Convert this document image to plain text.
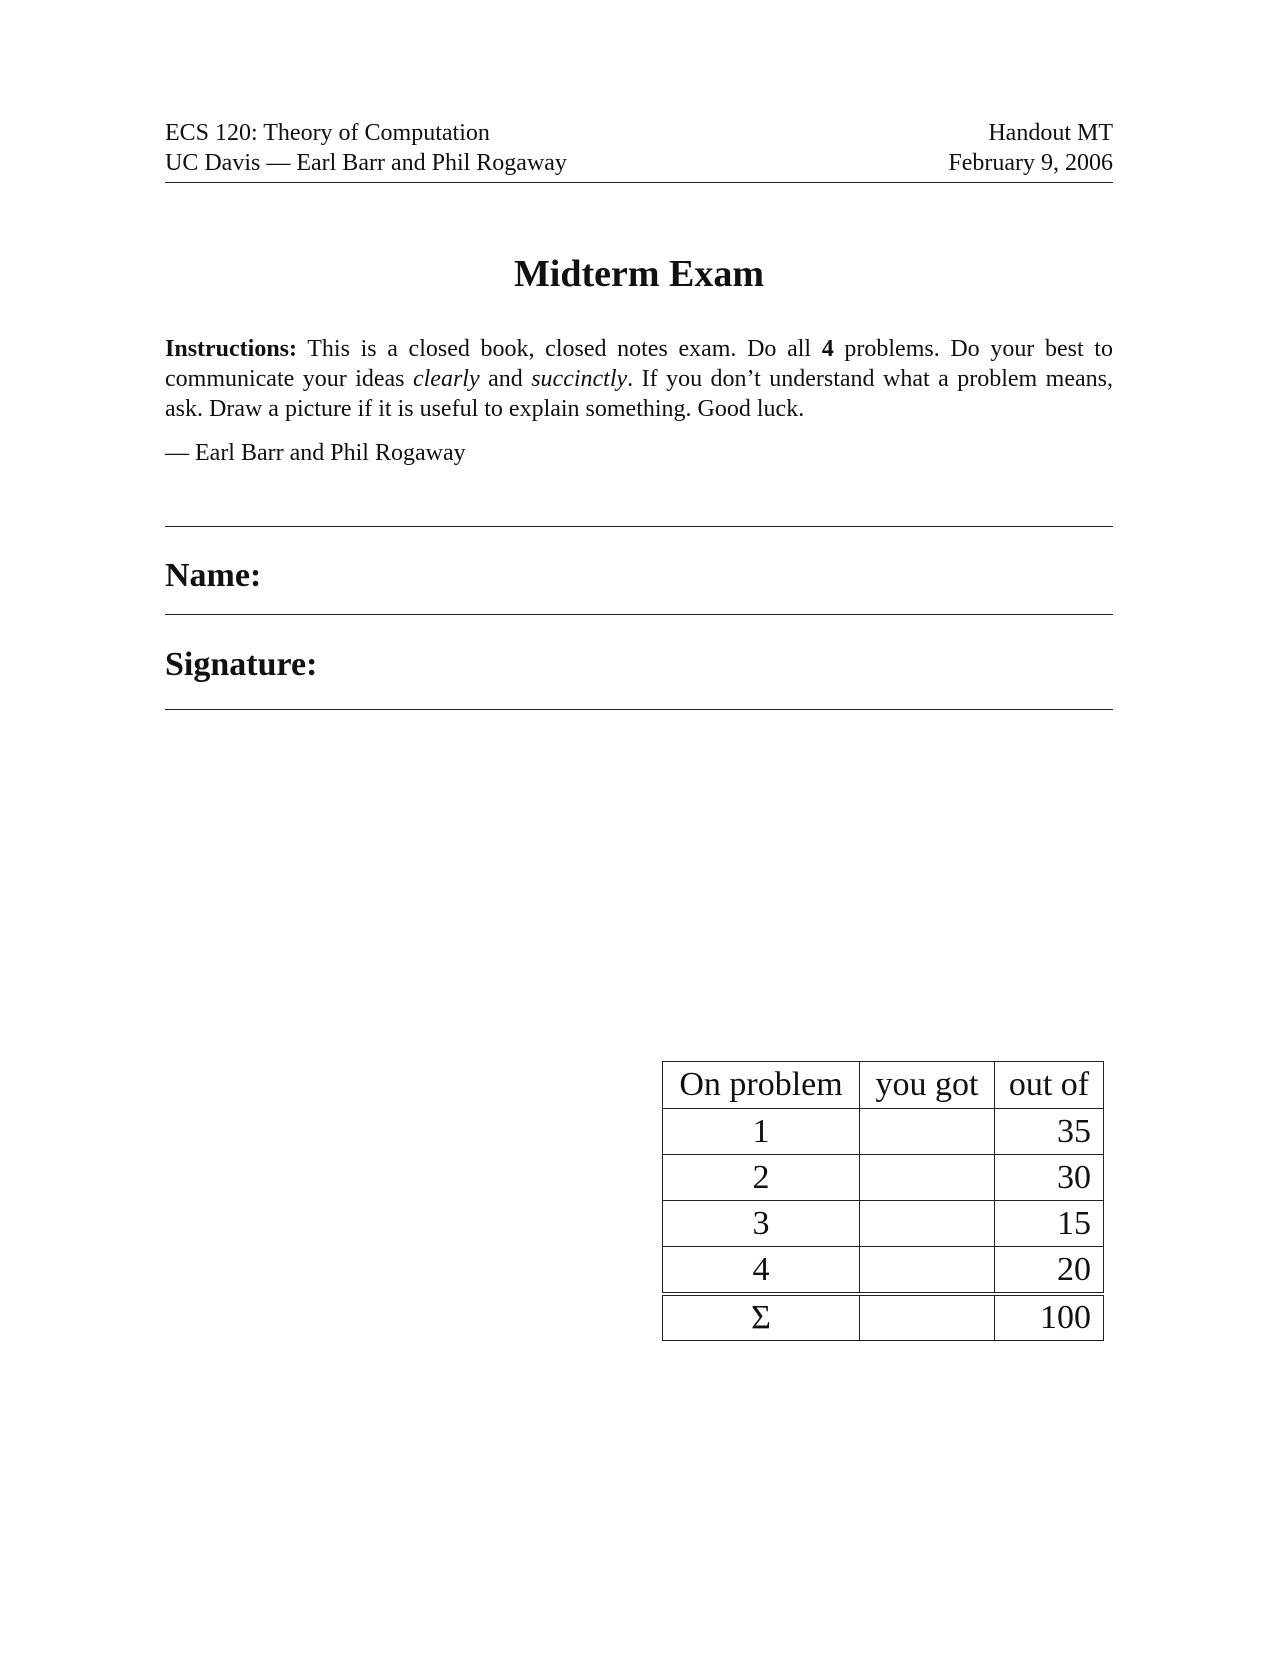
ECS 120: Theory of Computation
UC Davis — Earl Barr and Phil Rogaway
Handout MT
February 9, 2006
Midterm Exam
Instructions: This is a closed book, closed notes exam. Do all 4 problems. Do your best to communicate your ideas clearly and succinctly. If you don’t understand what a problem means, ask. Draw a picture if it is useful to explain something. Good luck.
— Earl Barr and Phil Rogaway
Name:
Signature:
On problem	you got	out of
1		35
2		30
3		15
4		20
Σ		100
